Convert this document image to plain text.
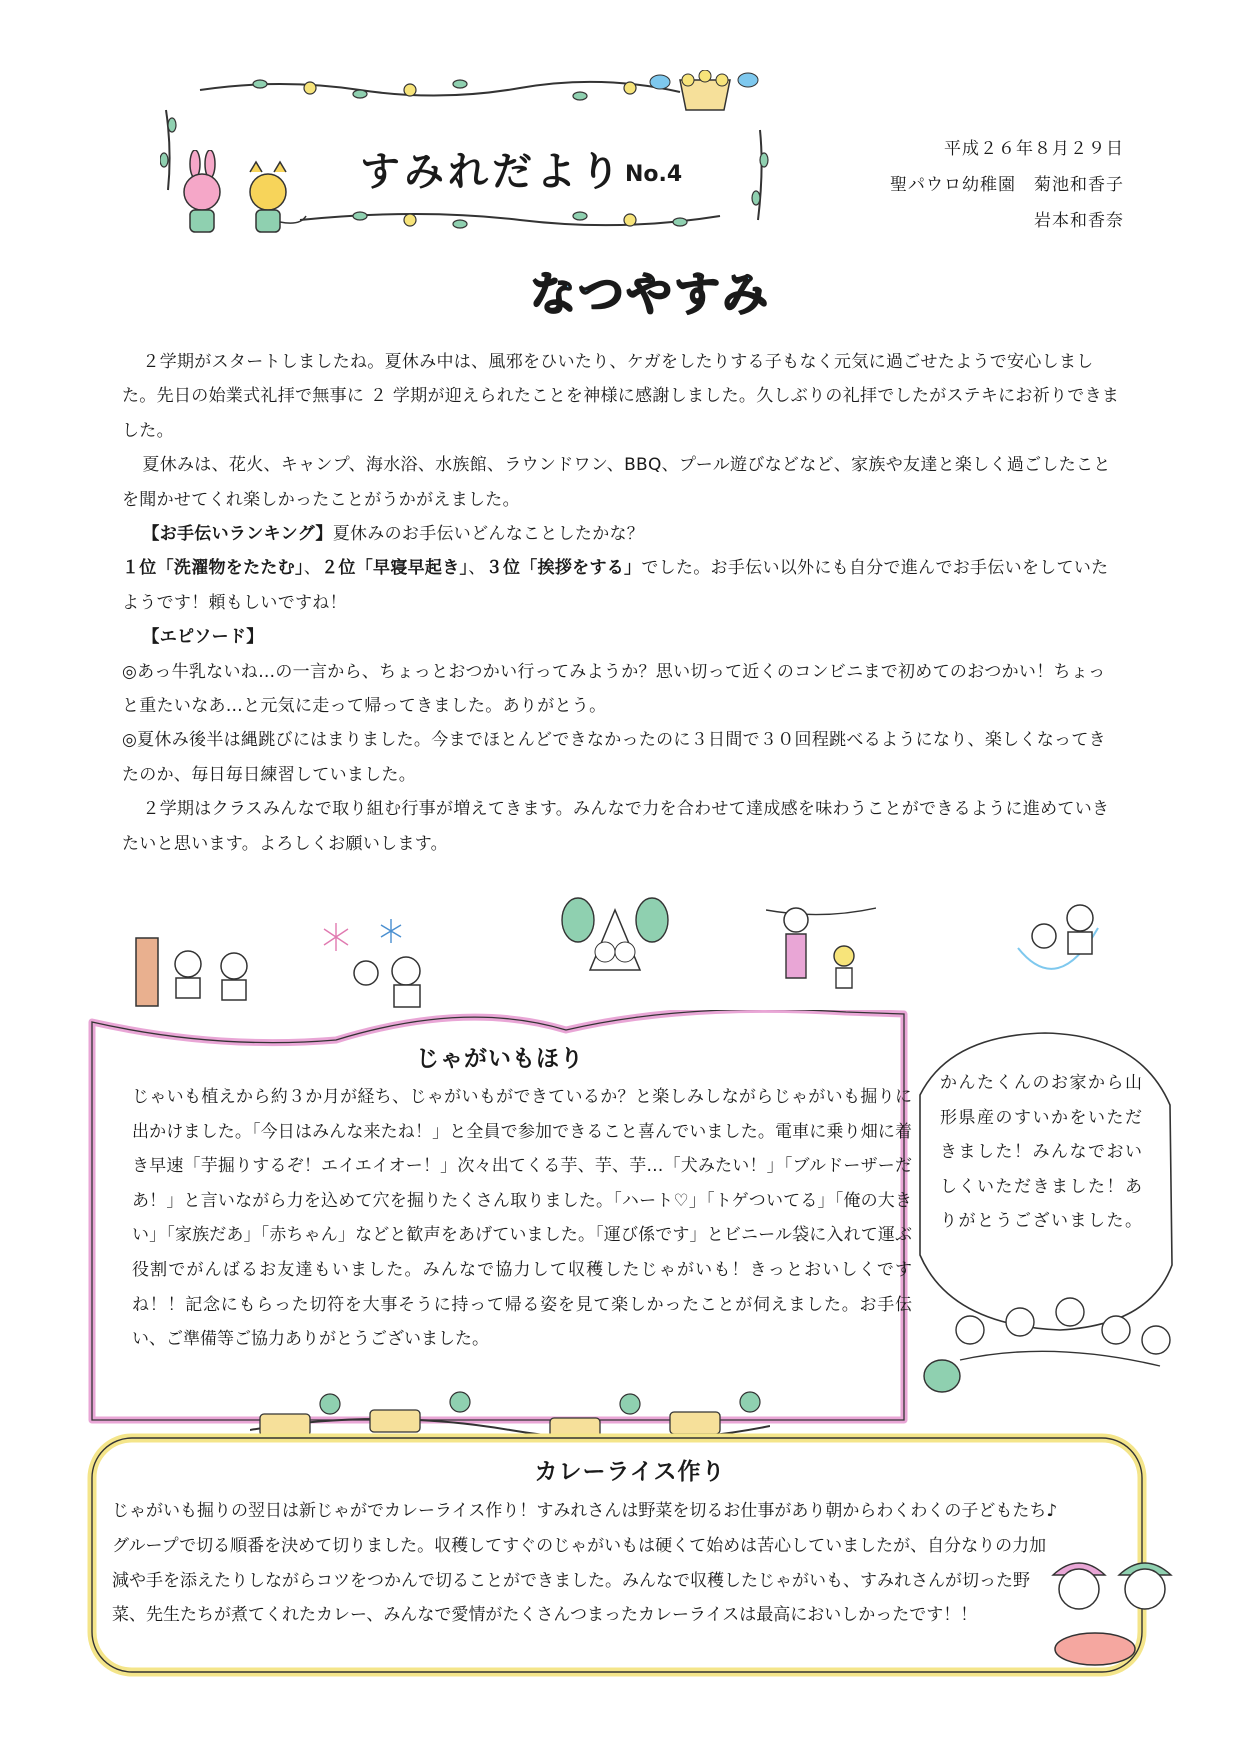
すみれだより No.4
平成２６年８月２９日
聖パウロ幼稚園　菊池和香子
岩本和香奈
なつやすみ

２学期がスタートしましたね。夏休み中は、風邪をひいたり、ケガをしたりする子もなく元気に過ごせたようで安心しました。先日の始業式礼拝で無事に ２ 学期が迎えられたことを神様に感謝しました。久しぶりの礼拝でしたがステキにお祈りできました。

夏休みは、花火、キャンプ、海水浴、水族館、ラウンドワン、BBQ、プール遊びなどなど、家族や友達と楽しく過ごしたことを聞かせてくれ楽しかったことがうかがえました。

【お手伝いランキング】夏休みのお手伝いどんなことしたかな？

１位「洗濯物をたたむ」、２位「早寝早起き」、３位「挨拶をする」でした。お手伝い以外にも自分で進んでお手伝いをしていたようです！頼もしいですね！

【エピソード】

◎あっ牛乳ないね…の一言から、ちょっとおつかい行ってみようか？思い切って近くのコンビニまで初めてのおつかい！ちょっと重たいなあ…と元気に走って帰ってきました。ありがとう。

◎夏休み後半は縄跳びにはまりました。今までほとんどできなかったのに３日間で３０回程跳べるようになり、楽しくなってきたのか、毎日毎日練習していました。

２学期はクラスみんなで取り組む行事が増えてきます。みんなで力を合わせて達成感を味わうことができるように進めていきたいと思います。よろしくお願いします。

じゃがいもほり

じゃいも植えから約３か月が経ち、じゃがいもができているか？と楽しみしながらじゃがいも掘りに出かけました。「今日はみんな来たね！」と全員で参加できること喜んでいました。電車に乗り畑に着き早速「芋掘りするぞ！エイエイオー！」次々出てくる芋、芋、芋…「犬みたい！」「ブルドーザーだあ！」と言いながら力を込めて穴を掘りたくさん取りました。「ハート♡」「トゲついてる」「俺の大きい」「家族だあ」「赤ちゃん」などと歓声をあげていました。「運び係です」とビニール袋に入れて運ぶ役割でがんばるお友達もいました。みんなで協力して収穫したじゃがいも！きっとおいしくですね！！記念にもらった切符を大事そうに持って帰る姿を見て楽しかったことが伺えました。お手伝い、ご準備等ご協力ありがとうございました。

かんたくんのお家から山形県産のすいかをいただきました！みんなでおいしくいただきました！ありがとうございました。

カレーライス作り

じゃがいも掘りの翌日は新じゃがでカレーライス作り！すみれさんは野菜を切るお仕事があり朝からわくわくの子どもたち♪グループで切る順番を決めて切りました。収穫してすぐのじゃがいもは硬くて始めは苦心していましたが、自分なりの力加減や手を添えたりしながらコツをつかんで切ることができました。みんなで収穫したじゃがいも、すみれさんが切った野菜、先生たちが煮てくれたカレー、みんなで愛情がたくさんつまったカレーライスは最高においしかったです！！
